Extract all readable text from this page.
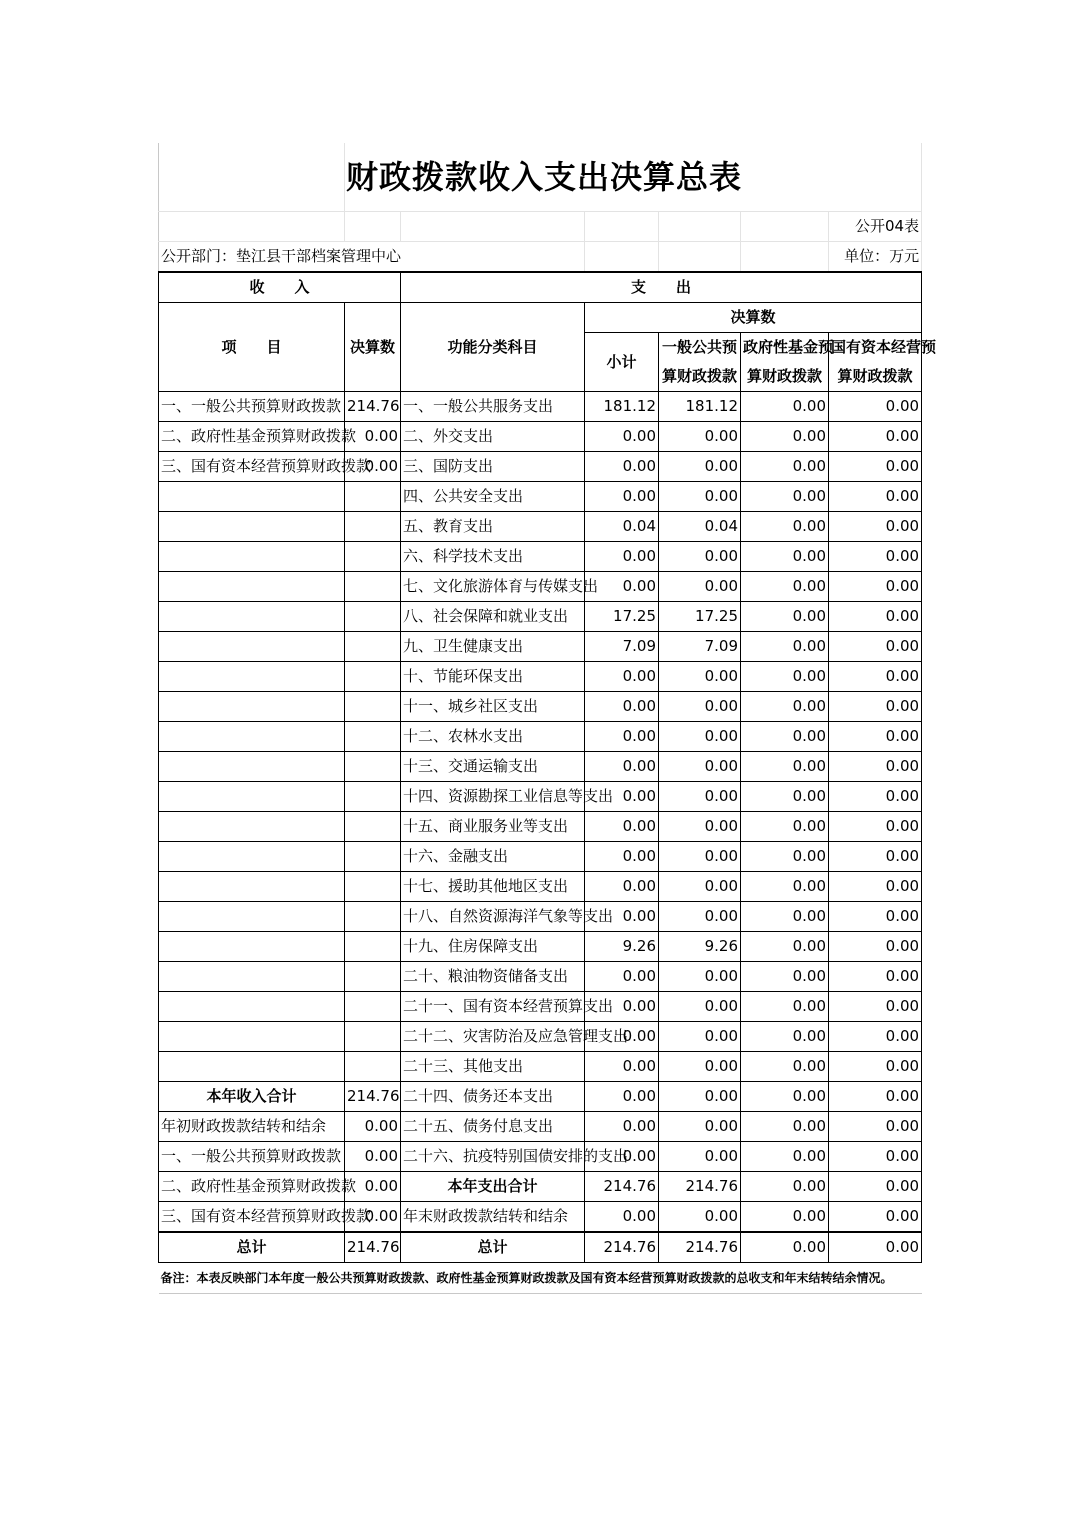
	财政拨款收入支出决算总表					
						公开04表
公开部门：垫江县干部档案管理中心						单位：万元
收　　入		支　　出				
项　　目	决算数	功能分类科目	决算数			
			小计	一般公共预	政府性基金预	国有资本经营预
				算财政拨款	算财政拨款	算财政拨款
一、一般公共预算财政拨款	214.76	一、一般公共服务支出	181.12	181.12	0.00	0.00
二、政府性基金预算财政拨款	0.00	二、外交支出	0.00	0.00	0.00	0.00
三、国有资本经营预算财政拨款	0.00	三、国防支出	0.00	0.00	0.00	0.00
		四、公共安全支出	0.00	0.00	0.00	0.00
		五、教育支出	0.04	0.04	0.00	0.00
		六、科学技术支出	0.00	0.00	0.00	0.00
		七、文化旅游体育与传媒支出	0.00	0.00	0.00	0.00
		八、社会保障和就业支出	17.25	17.25	0.00	0.00
		九、卫生健康支出	7.09	7.09	0.00	0.00
		十、节能环保支出	0.00	0.00	0.00	0.00
		十一、城乡社区支出	0.00	0.00	0.00	0.00
		十二、农林水支出	0.00	0.00	0.00	0.00
		十三、交通运输支出	0.00	0.00	0.00	0.00
		十四、资源勘探工业信息等支出	0.00	0.00	0.00	0.00
		十五、商业服务业等支出	0.00	0.00	0.00	0.00
		十六、金融支出	0.00	0.00	0.00	0.00
		十七、援助其他地区支出	0.00	0.00	0.00	0.00
		十八、自然资源海洋气象等支出	0.00	0.00	0.00	0.00
		十九、住房保障支出	9.26	9.26	0.00	0.00
		二十、粮油物资储备支出	0.00	0.00	0.00	0.00
		二十一、国有资本经营预算支出	0.00	0.00	0.00	0.00
		二十二、灾害防治及应急管理支出	0.00	0.00	0.00	0.00
		二十三、其他支出	0.00	0.00	0.00	0.00
本年收入合计	214.76	二十四、债务还本支出	0.00	0.00	0.00	0.00
年初财政拨款结转和结余	0.00	二十五、债务付息支出	0.00	0.00	0.00	0.00
一、一般公共预算财政拨款	0.00	二十六、抗疫特别国债安排的支出	0.00	0.00	0.00	0.00
二、政府性基金预算财政拨款	0.00	本年支出合计	214.76	214.76	0.00	0.00
三、国有资本经营预算财政拨款	0.00	年末财政拨款结转和结余	0.00	0.00	0.00	0.00
总计	214.76	总计	214.76	214.76	0.00	0.00
备注：本表反映部门本年度一般公共预算财政拨款、政府性基金预算财政拨款及国有资本经营预算财政拨款的总收支和年末结转结余情况。						
